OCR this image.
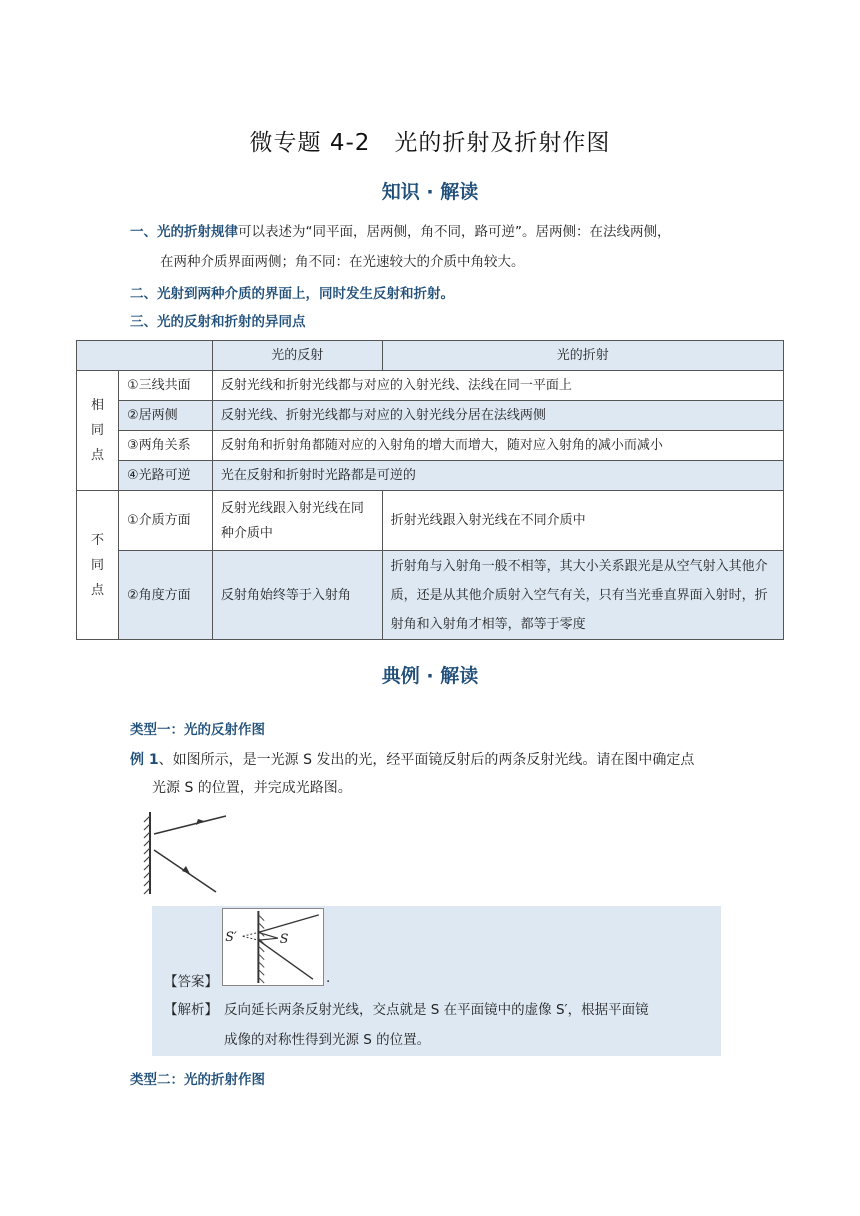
微专题 4-2　光的折射及折射作图
知识 · 解读
一、光的折射规律可以表述为“同平面，居两侧，角不同，路可逆”。居两侧：在法线两侧，
在两种介质界面两侧；角不同：在光速较大的介质中角较大。
二、光射到两种介质的界面上，同时发生反射和折射。
三、光的反射和折射的异同点
		光的反射	光的折射
相
同
点	①三线共面	反射光线和折射光线都与对应的入射光线、法线在同一平面上	
	②居两侧	反射光线、折射光线都与对应的入射光线分居在法线两侧	
	③两角关系	反射角和折射角都随对应的入射角的增大而增大，随对应入射角的减小而减小	
	④光路可逆	光在反射和折射时光路都是可逆的	
不
同
点	①介质方面	反射光线跟入射光线在同种介质中	折射光线跟入射光线在不同介质中
	②角度方面	反射角始终等于入射角	折射角与入射角一般不相等，其大小关系跟光是从空气射入其他介质，还是从其他介质射入空气有关，只有当光垂直界面入射时，折射角和入射角才相等，都等于零度
典例 · 解读
类型一：光的反射作图
例 1、如图所示，是一光源 S 发出的光，经平面镜反射后的两条反射光线。请在图中确定点
光源 S 的位置，并完成光路图。
【答案】
S′	S
.
【解析】 反向延长两条反射光线，交点就是 S 在平面镜中的虚像 S′，根据平面镜
成像的对称性得到光源 S 的位置。
类型二：光的折射作图
